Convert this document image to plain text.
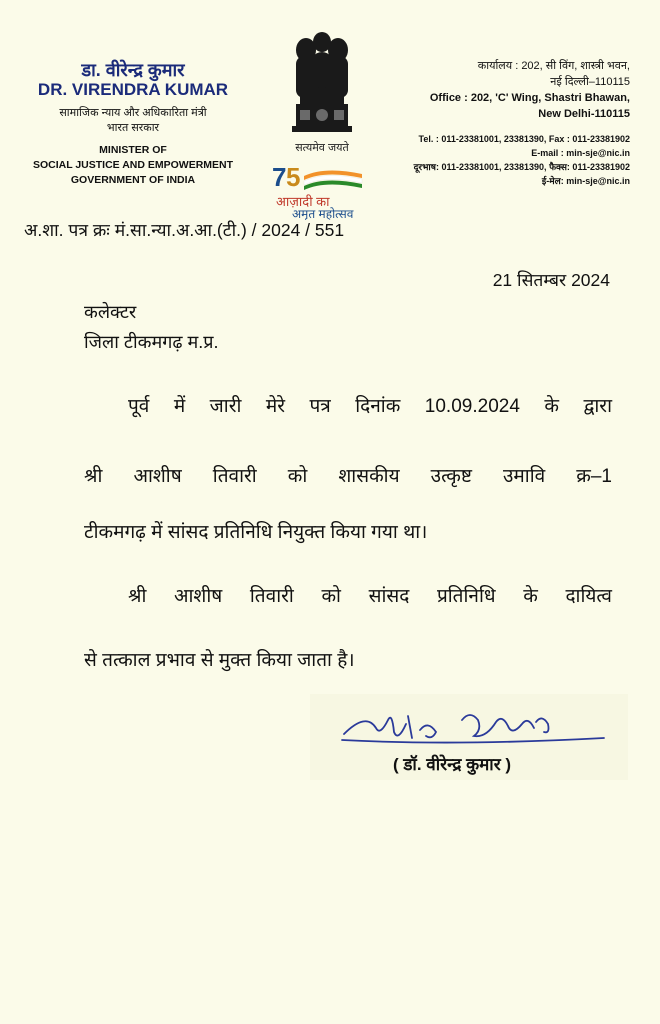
डा. वीरेन्द्र कुमार
DR. VIRENDRA KUMAR
सामाजिक न्याय और अधिकारिता मंत्री
भारत सरकार
MINISTER OF
SOCIAL JUSTICE AND EMPOWERMENT
GOVERNMENT OF INDIA
सत्यमेव जयते
7 5
आज़ादी का
अमृत महोत्सव
कार्यालय : 202, सी विंग, शास्त्री भवन,
नई दिल्ली–110115
Office : 202, 'C' Wing, Shastri Bhawan,
New Delhi-110115
Tel. : 011-23381001, 23381390, Fax : 011-23381902
E-mail : min-sje@nic.in
दूरभाष: 011-23381001, 23381390, फैक्स: 011-23381902
ई-मेल: min-sje@nic.in
अ.शा. पत्र क्रः मं.सा.न्या.अ.आ.(टी.) / 2024 / 551
21 सितम्बर 2024
कलेक्टर
जिला टीकमगढ़ म.प्र.
पूर्व में जारी मेरे पत्र दिनांक 10.09.2024 के द्वारा
श्री आशीष तिवारी को शासकीय उत्कृष्ट उमावि क्र–1
टीकमगढ़ में सांसद प्रतिनिधि नियुक्त किया गया था।
श्री आशीष तिवारी को सांसद प्रतिनिधि के दायित्व
से तत्काल प्रभाव से मुक्त किया जाता है।
( डॉ. वीरेन्द्र कुमार )
